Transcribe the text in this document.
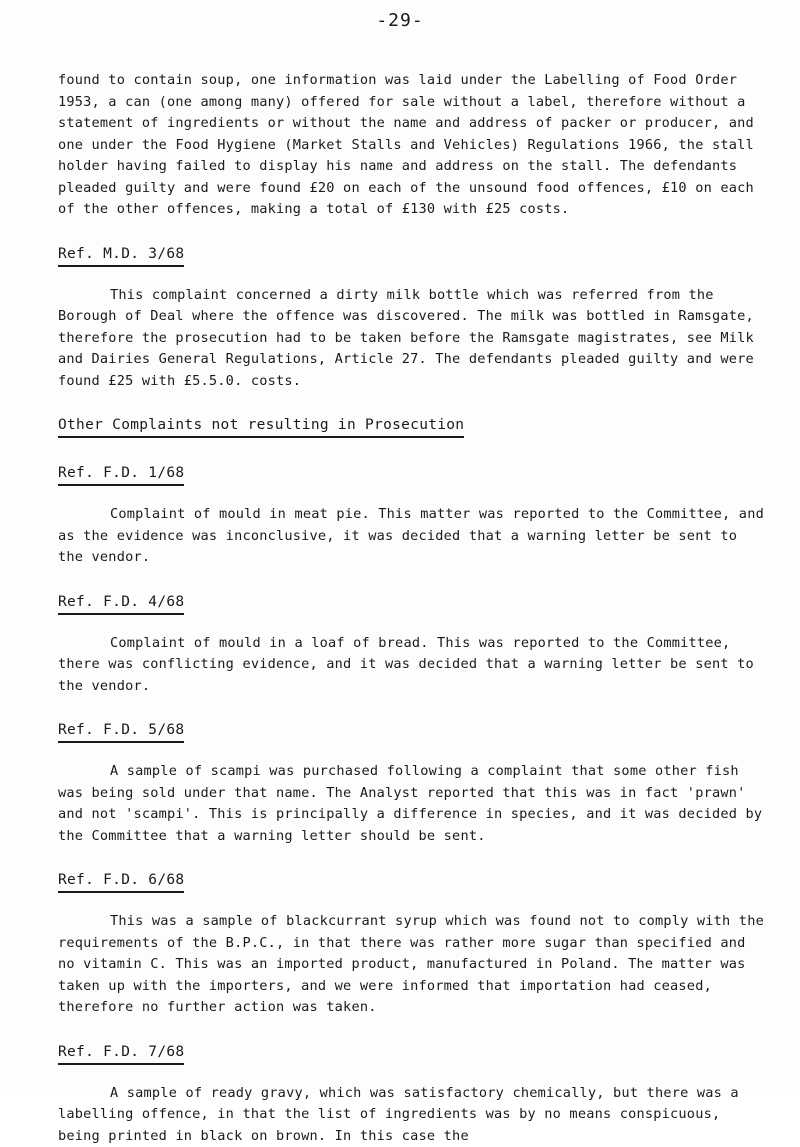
-29-

found to contain soup, one information was laid under the Labelling of Food Order 1953, a can (one among many) offered for sale without a label, therefore without a statement of ingredients or without the name and address of packer or producer, and one under the Food Hygiene (Market Stalls and Vehicles) Regulations 1966, the stall holder having failed to display his name and address on the stall. The defendants pleaded guilty and were found £20 on each of the unsound food offences, £10 on each of the other offences, making a total of £130 with £25 costs.

Ref. M.D. 3/68

This complaint concerned a dirty milk bottle which was referred from the Borough of Deal where the offence was discovered. The milk was bottled in Ramsgate, therefore the prosecution had to be taken before the Ramsgate magistrates, see Milk and Dairies General Regulations, Article 27. The defendants pleaded guilty and were found £25 with £5.5.0. costs.

Other Complaints not resulting in Prosecution
Ref. F.D. 1/68

Complaint of mould in meat pie. This matter was reported to the Committee, and as the evidence was inconclusive, it was decided that a warning letter be sent to the vendor.

Ref. F.D. 4/68

Complaint of mould in a loaf of bread. This was reported to the Committee, there was conflicting evidence, and it was decided that a warning letter be sent to the vendor.

Ref. F.D. 5/68

A sample of scampi was purchased following a complaint that some other fish was being sold under that name. The Analyst reported that this was in fact 'prawn' and not 'scampi'. This is principally a difference in species, and it was decided by the Committee that a warning letter should be sent.

Ref. F.D. 6/68

This was a sample of blackcurrant syrup which was found not to comply with the requirements of the B.P.C., in that there was rather more sugar than specified and no vitamin C. This was an imported product, manufactured in Poland. The matter was taken up with the importers, and we were informed that importation had ceased, therefore no further action was taken.

Ref. F.D. 7/68

A sample of ready gravy, which was satisfactory chemically, but there was a labelling offence, in that the list of ingredients was by no means conspicuous, being printed in black on brown. In this case the
